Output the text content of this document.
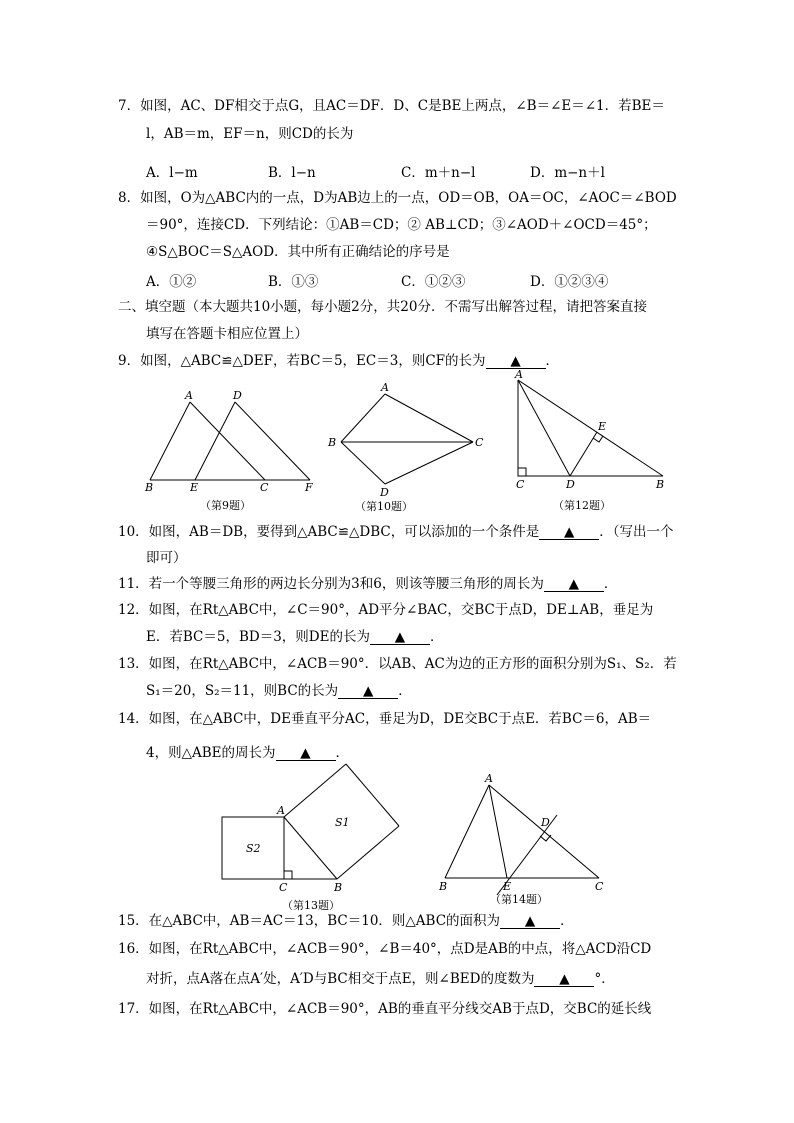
7．如图，AC、DF相交于点G，且AC＝DF．D、C是BE上两点，∠B＝∠E＝∠1．若BE＝
l，AB＝m，EF＝n，则CD的长为
A．l−m	B．l−n	C．m＋n−l	D．m−n＋l
8．如图，O为△ABC内的一点，D为AB边上的一点，OD＝OB，OA＝OC，∠AOC＝∠BOD
＝90°，连接CD．下列结论：①AB＝CD；② AB⊥CD；③∠AOD＋∠OCD＝45°；
④S△BOC＝S△AOD．其中所有正确结论的序号是
A．①②	B．①③	C．①②③	D．①②③④
二、填空题（本大题共10小题，每小题2分，共20分．不需写出解答过程，请把答案直接
填写在答题卡相应位置上）
9．如图，△ABC≌△DEF，若BC＝5，EC＝3，则CF的长为 ▲ ．
A	D
B	E	C	F
（第9题）
A
B	C
D
（第10题）
A
E
C	D	B
（第12题）
10．如图，AB＝DB，要得到△ABC≌△DBC，可以添加的一个条件是 ▲ ．（写出一个
即可）
11．若一个等腰三角形的两边长分别为3和6，则该等腰三角形的周长为 ▲ ．
12．如图，在Rt△ABC中，∠C＝90°，AD平分∠BAC，交BC于点D，DE⊥AB，垂足为
E．若BC＝5，BD＝3，则DE的长为 ▲ ．
13．如图，在Rt△ABC中，∠ACB＝90°．以AB、AC为边的正方形的面积分别为S₁、S₂．若
S₁＝20，S₂＝11，则BC的长为 ▲ ．
14．如图，在△ABC中，DE垂直平分AC，垂足为D，DE交BC于点E．若BC＝6，AB＝
4，则△ABE的周长为 ▲ ．
A
S1
S2
C	B
（第13题）
A
D
B	E	C
（第14题）
15．在△ABC中，AB＝AC＝13，BC＝10．则△ABC的面积为 ▲ ．
16．如图，在Rt△ABC中，∠ACB＝90°，∠B＝40°，点D是AB的中点，将△ACD沿CD
对折，点A落在点A′处，A′D与BC相交于点E，则∠BED的度数为 ▲ °．
17．如图，在Rt△ABC中，∠ACB＝90°，AB的垂直平分线交AB于点D，交BC的延长线
